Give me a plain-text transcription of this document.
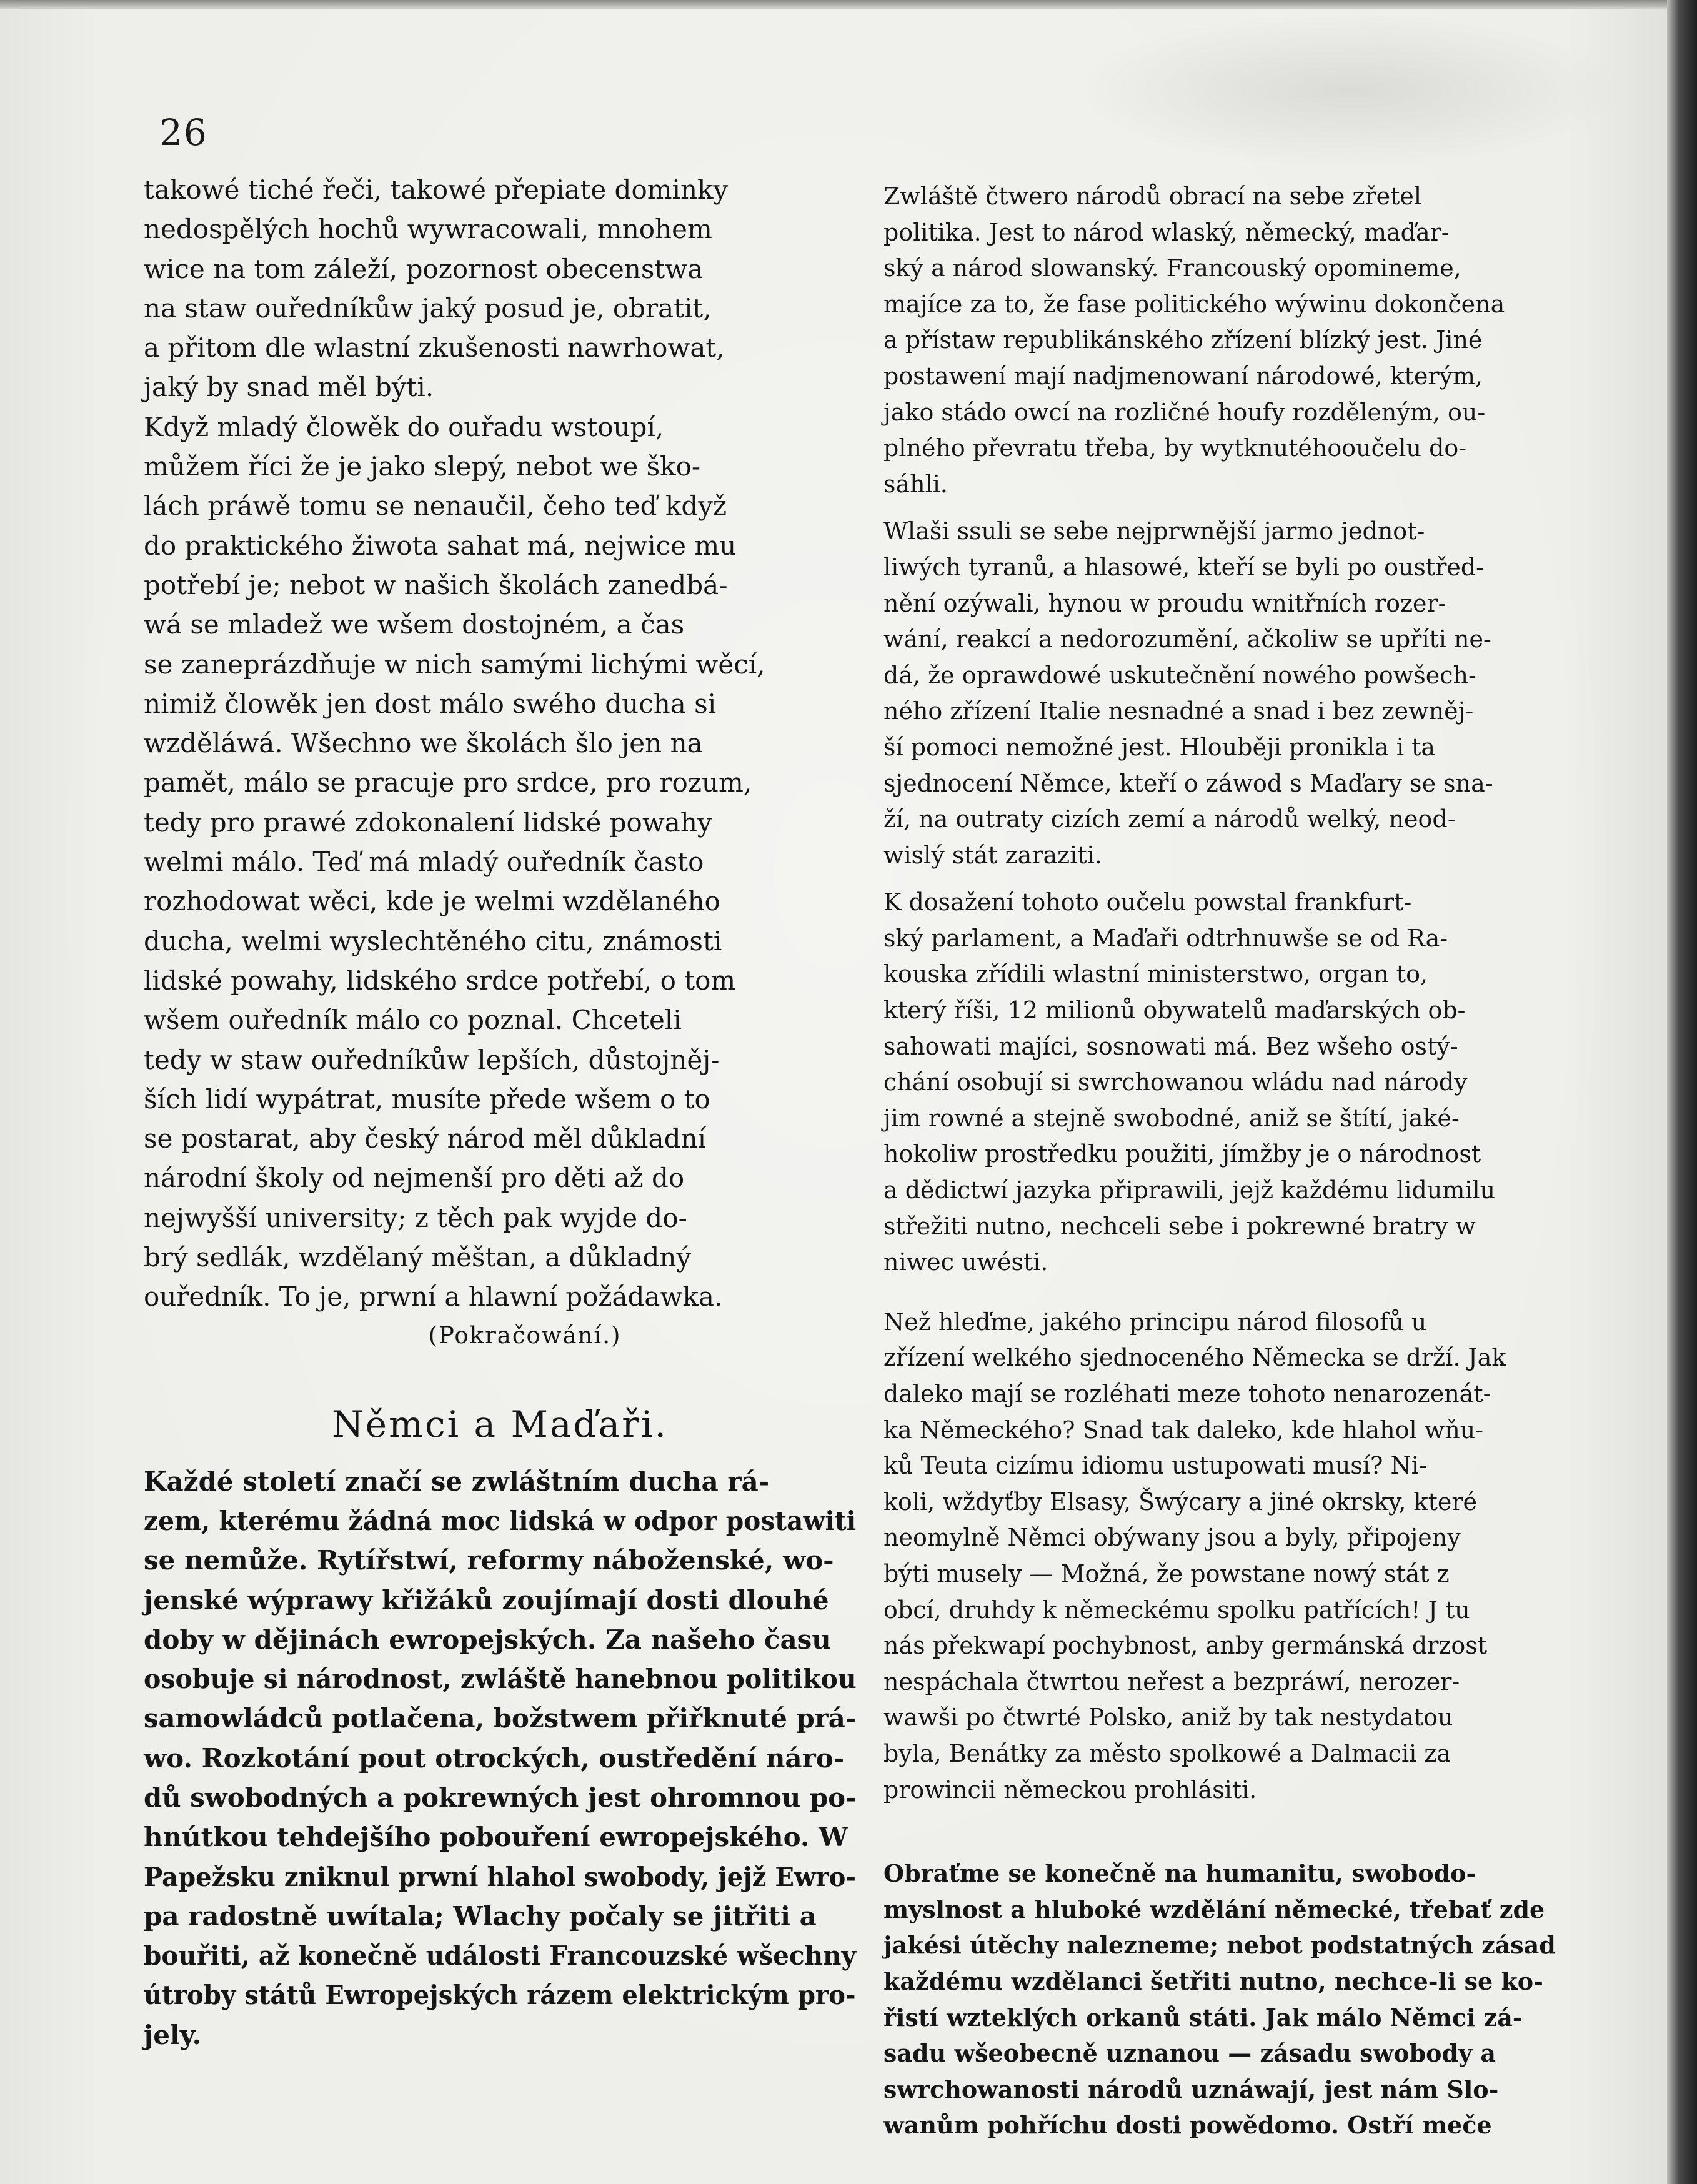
26
takowé tiché řeči, takowé přepiate dominky
nedospělých hochů wywracowali, mnohem
wice na tom záleží, pozornost obecenstwa
na staw ouředníkůw jaký posud je, obratit,
a přitom dle wlastní zkušenosti nawrhowat,
jaký by snad měl býti.
Když mladý člowěk do ouřadu wstoupí,
můžem říci že je jako slepý, nebot we ško-
lách práwě tomu se nenaučil, čeho teď když
do praktického žiwota sahat má, nejwice mu
potřebí je; nebot w našich školách zanedbá-
wá se mladež we wšem dostojném, a čas
se zaneprázdňuje w nich samými lichými wěcí,
nimiž člowěk jen dost málo swého ducha si
wzděláwá. Wšechno we školách šlo jen na
pamět, málo se pracuje pro srdce, pro rozum,
tedy pro prawé zdokonalení lidské powahy
welmi málo. Teď má mladý ouředník často
rozhodowat wěci, kde je welmi wzdělaného
ducha, welmi wyslechtěného citu, známosti
lidské powahy, lidského srdce potřebí, o tom
wšem ouředník málo co poznal. Chceteli
tedy w staw ouředníkůw lepších, důstojněj-
ších lidí wypátrat, musíte přede wšem o to
se postarat, aby český národ měl důkladní
národní školy od nejmenší pro děti až do
nejwyšší university; z těch pak wyjde do-
brý sedlák, wzdělaný měštan, a důkladný
ouředník. To je, prwní a hlawní požádawka.
(Pokračowání.)
Němci a Maďaři.
Každé století značí se zwláštním ducha rá-
zem, kterému žádná moc lidská w odpor postawiti
se nemůže. Rytířstwí, reformy náboženské, wo-
jenské wýprawy křižáků zoujímají dosti dlouhé
doby w dějinách ewropejských. Za našeho času
osobuje si národnost, zwláště hanebnou politikou
samowládců potlačena, božstwem přiřknuté prá-
wo. Rozkotání pout otrockých, oustředění náro-
dů swobodných a pokrewných jest ohromnou po-
hnútkou tehdejšího pobouření ewropejského. W
Papežsku zniknul prwní hlahol swobody, jejž Ewro-
pa radostně uwítala; Wlachy počaly se jitřiti a
bouřiti, až konečně události Francouzské wšechny
útroby států Ewropejských rázem elektrickým pro-
jely.
Zwláště čtwero národů obrací na sebe zřetel
politika. Jest to národ wlaský, německý, maďar-
ský a národ slowanský. Francouský opomineme,
majíce za to, že fase politického wýwinu dokončena
a přístaw republikánského zřízení blízký jest. Jiné
postawení mají nadjmenowaní národowé, kterým,
jako stádo owcí na rozličné houfy rozděleným, ou-
plného převratu třeba, by wytknutéhooučelu do-
sáhli.
Wlaši ssuli se sebe nejprwnější jarmo jednot-
liwých tyranů, a hlasowé, kteří se byli po oustřed-
nění ozýwali, hynou w proudu wnitřních rozer-
wání, reakcí a nedorozumění, ačkoliw se upříti ne-
dá, že oprawdowé uskutečnění nowého powšech-
ného zřízení Italie nesnadné a snad i bez zewněj-
ší pomoci nemožné jest. Hlouběji pronikla i ta
sjednocení Němce, kteří o záwod s Maďary se sna-
ží, na outraty cizích zemí a národů welký, neod-
wislý stát zaraziti.
K dosažení tohoto oučelu powstal frankfurt-
ský parlament, a Maďaři odtrhnuwše se od Ra-
kouska zřídili wlastní ministerstwo, organ to,
který říši, 12 milionů obywatelů maďarských ob-
sahowati majíci, sosnowati má. Bez wšeho ostý-
chání osobují si swrchowanou wládu nad národy
jim rowné a stejně swobodné, aniž se štítí, jaké-
hokoliw prostředku použiti, jímžby je o národnost
a dědictwí jazyka připrawili, jejž každému lidumilu
střežiti nutno, nechceli sebe i pokrewné bratry w
niwec uwésti.
Než hleďme, jakého principu národ filosofů u
zřízení welkého sjednoceného Německa se drží. Jak
daleko mají se rozléhati meze tohoto nenarozenát-
ka Německého? Snad tak daleko, kde hlahol wňu-
ků Teuta cizímu idiomu ustupowati musí? Ni-
koli, wždyťby Elsasy, Šwýcary a jiné okrsky, které
neomylně Němci obýwany jsou a byly, připojeny
býti musely — Možná, že powstane nowý stát z
obcí, druhdy k německému spolku patřících! J tu
nás překwapí pochybnost, anby germánská drzost
nespáchala čtwrtou neřest a bezpráwí, nerozer-
wawši po čtwrté Polsko, aniž by tak nestydatou
byla, Benátky za město spolkowé a Dalmacii za
prowincii německou prohlásiti.
Obraťme se konečně na humanitu, swobodo-
myslnost a hluboké wzdělání německé, třebať zde
jakési útěchy nalezneme; nebot podstatných zásad
každému wzdělanci šetřiti nutno, nechce-li se ko-
řistí wzteklých orkanů státi. Jak málo Němci zá-
sadu wšeobecně uznanou — zásadu swobody a
swrchowanosti národů uznáwají, jest nám Slo-
wanům pohříchu dosti powědomo. Ostří meče
